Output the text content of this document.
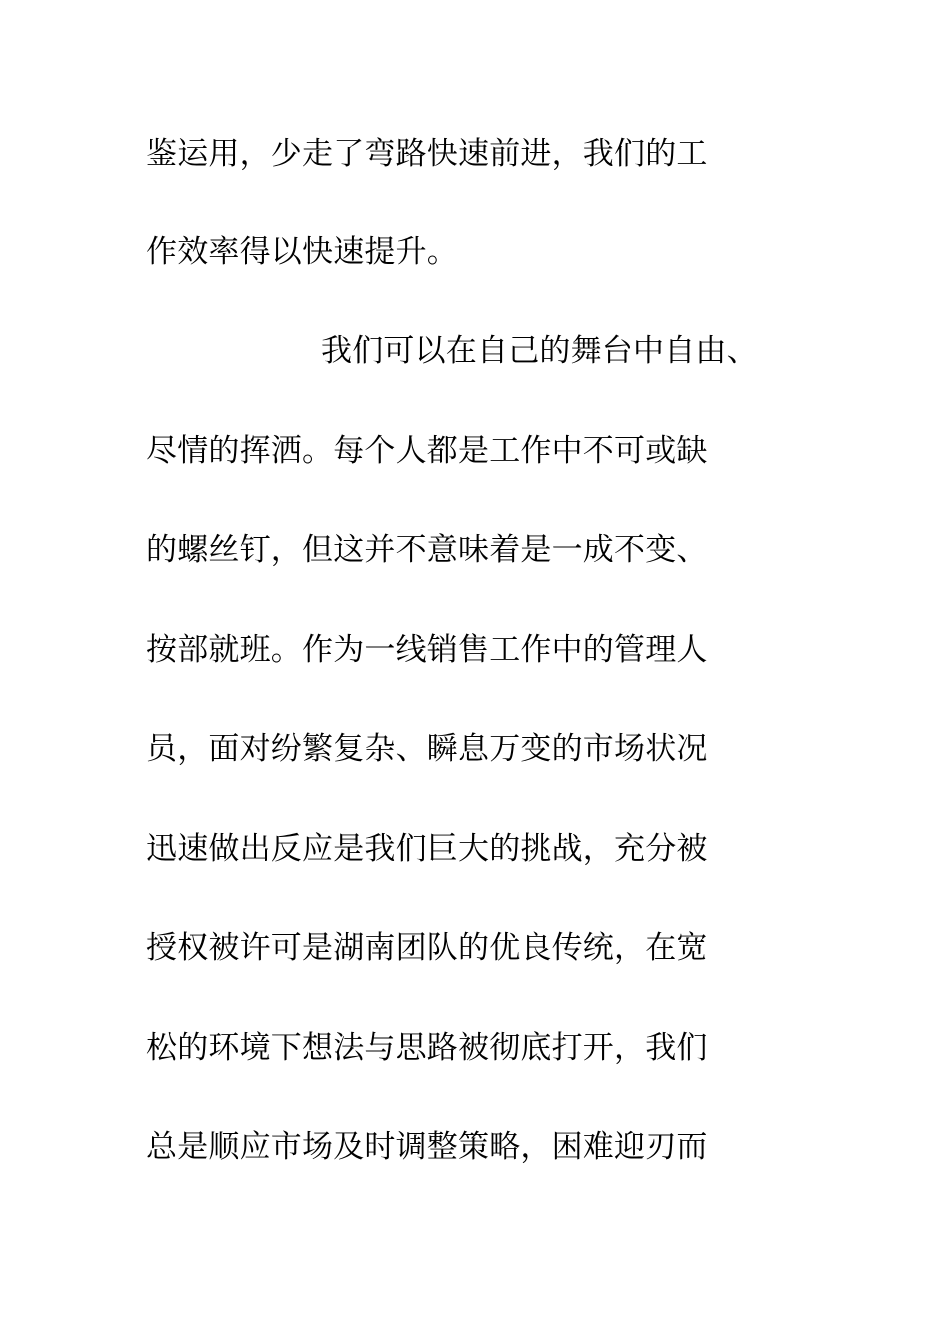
鉴运用，少走了弯路快速前进，我们的工
作效率得以快速提升。
我们可以在自己的舞台中自由、
尽情的挥洒。每个人都是工作中不可或缺
的螺丝钉，但这并不意味着是一成不变、
按部就班。作为一线销售工作中的管理人
员，面对纷繁复杂、瞬息万变的市场状况
迅速做出反应是我们巨大的挑战，充分被
授权被许可是湖南团队的优良传统，在宽
松的环境下想法与思路被彻底打开，我们
总是顺应市场及时调整策略，困难迎刃而
